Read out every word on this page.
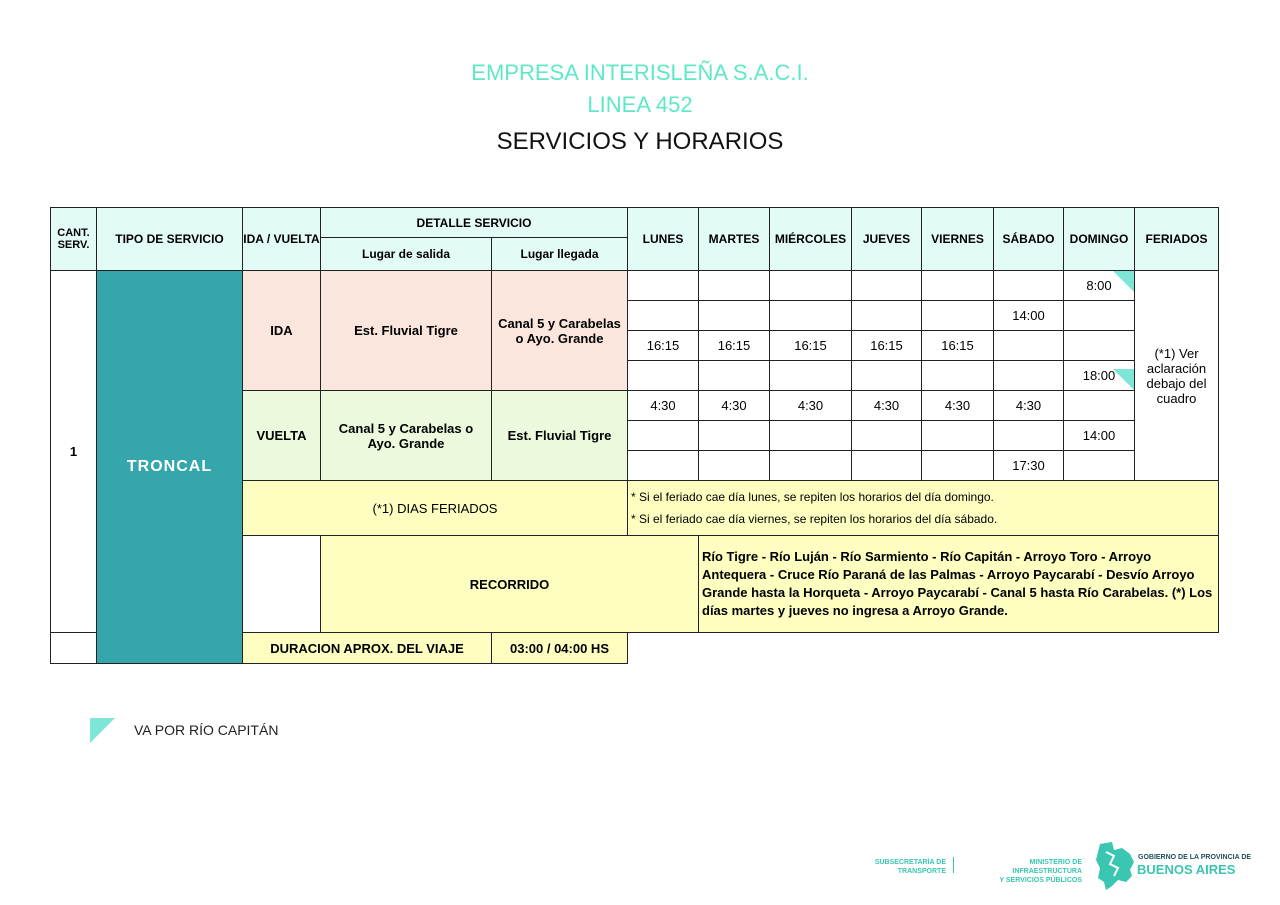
EMPRESA INTERISLEÑA S.A.C.I.
LINEA 452
SERVICIOS Y HORARIOS
CANT. SERV.	TIPO DE SERVICIO	IDA / VUELTA	DETALLE SERVICIO		LUNES	MARTES	MIÉRCOLES	JUEVES	VIERNES	SÁBADO	DOMINGO	FERIADOS
			Lugar de salida	Lugar llegada								
1	TRONCAL	IDA	Est. Fluvial Tigre	Canal 5 y Carabelas o Ayo. Grande							8:00	(*1) Ver aclaración debajo del cuadro
										14:00		
					16:15	16:15	16:15	16:15	16:15			
											18:00	
		VUELTA	Canal 5 y Carabelas o Ayo. Grande	Est. Fluvial Tigre	4:30	4:30	4:30	4:30	4:30	4:30		
											14:00	
										17:30		
		(*1) DIAS FERIADOS			* Si el feriado cae día lunes, se repiten los horarios del día domingo.
* Si el feriado cae día viernes, se repiten los horarios del día sábado.							

			RECORRIDO			Río Tigre - Río Luján - Río Sarmiento - Río Capitán - Arroyo Toro - Arroyo Antequera - Cruce Río Paraná de las Palmas - Arroyo Paycarabí - Desvío Arroyo Grande hasta la Horqueta - Arroyo Paycarabí - Canal 5 hasta Río Carabelas. (*) Los días martes y jueves no ingresa a Arroyo Grande.						
		DURACION APROX. DEL VIAJE		03:00 / 04:00 HS								
VA POR RÍO CAPITÁN
SUBSECRETARÍA DE
TRANSPORTE
MINISTERIO DE INFRAESTRUCTURA
Y SERVICIOS PÚBLICOS
GOBIERNO DE LA PROVINCIA DE
BUENOS AIRES
